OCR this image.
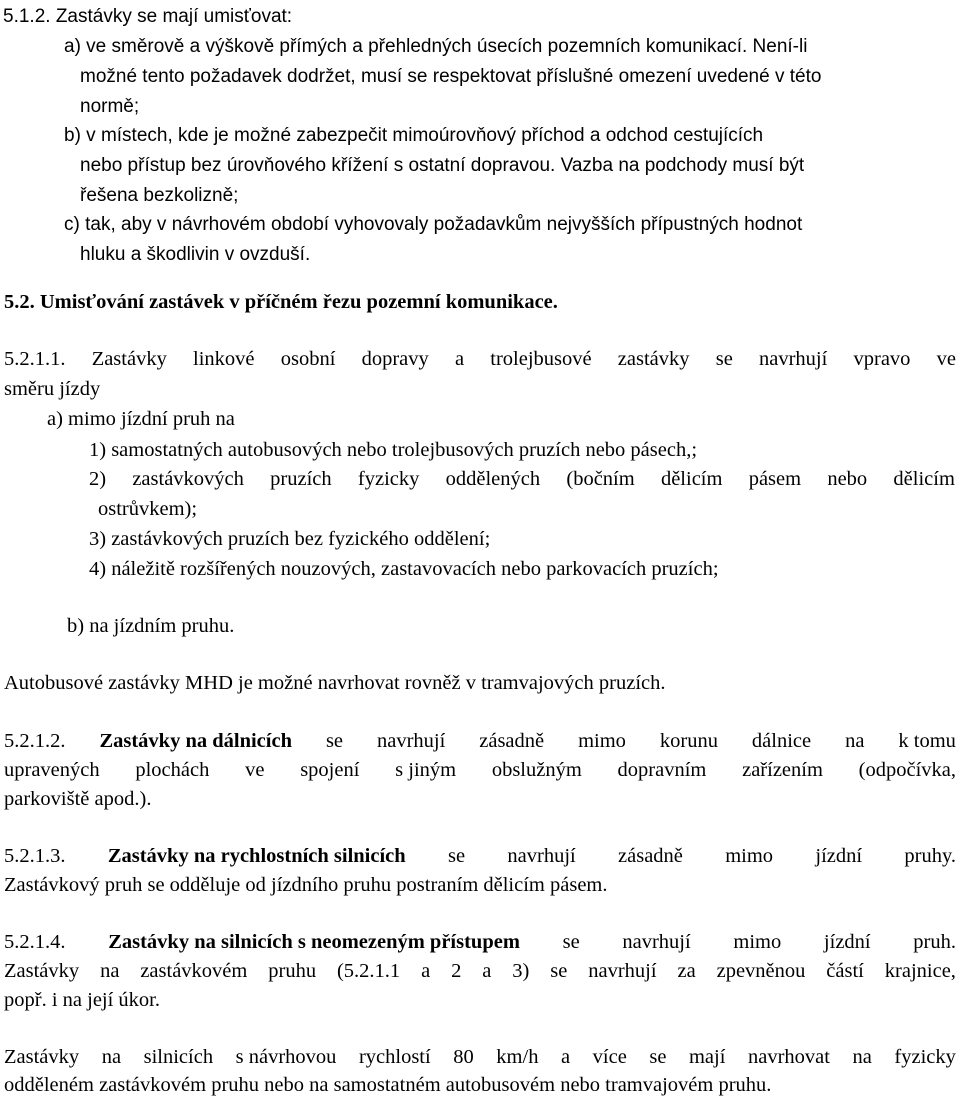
5.1.2. Zastávky se mají umisťovat:
a) ve směrově a výškově přímých a přehledných úsecích pozemních komunikací. Není-li
možné tento požadavek dodržet, musí se respektovat příslušné omezení uvedené v této
normě;
b) v místech, kde je možné zabezpečit mimoúrovňový příchod a odchod cestujících
nebo přístup bez úrovňového křížení s ostatní dopravou. Vazba na podchody musí být
řešena bezkolizně;
c) tak, aby v návrhovém období vyhovovaly požadavkům nejvyšších přípustných hodnot
hluku a škodlivin v ovzduší.
5.2. Umisťování zastávek v příčném řezu pozemní komunikace.
5.2.1.1. Zastávky linkové osobní dopravy a trolejbusové zastávky se navrhují vpravo ve
směru jízdy
a) mimo jízdní pruh na
1) samostatných autobusových nebo trolejbusových pruzích nebo pásech,;
2) zastávkových pruzích fyzicky oddělených (bočním dělicím pásem nebo dělicím
ostrůvkem);
3) zastávkových pruzích bez fyzického oddělení;
4) náležitě rozšířených nouzových, zastavovacích nebo parkovacích pruzích;
b) na jízdním pruhu.
Autobusové zastávky MHD je možné navrhovat rovněž v tramvajových pruzích.
5.2.1.2. Zastávky na dálnicích se navrhují zásadně mimo korunu dálnice na k tomu
upravených plochách ve spojení s jiným obslužným dopravním zařízením (odpočívka,
parkoviště apod.).
5.2.1.3. Zastávky na rychlostních silnicích se navrhují zásadně mimo jízdní pruhy.
Zastávkový pruh se odděluje od jízdního pruhu postraním dělicím pásem.
5.2.1.4. Zastávky na silnicích s neomezeným přístupem se navrhují mimo jízdní pruh.
Zastávky na zastávkovém pruhu (5.2.1.1 a 2 a 3) se navrhují za zpevněnou částí krajnice,
popř. i na její úkor.
Zastávky na silnicích s návrhovou rychlostí 80 km/h a více se mají navrhovat na fyzicky
odděleném zastávkovém pruhu nebo na samostatném autobusovém nebo tramvajovém pruhu.
